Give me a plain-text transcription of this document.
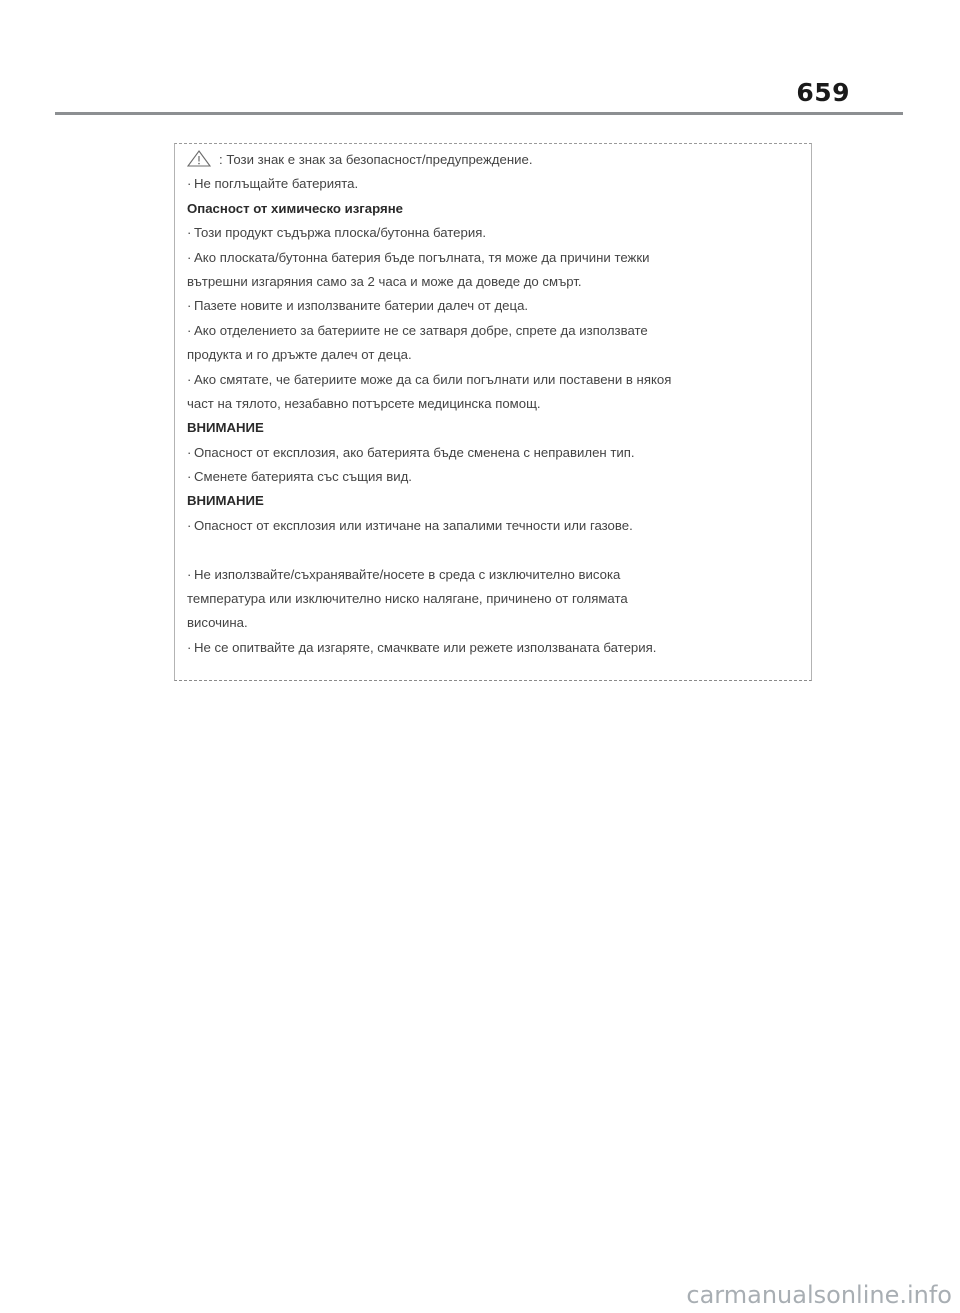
659
: Този знак е знак за безопасност/предупреждение.
· Не поглъщайте батерията.
Опасност от химическо изгаряне
· Този продукт съдържа плоска/бутонна батерия.
· Ако плоската/бутонна батерия бъде погълната, тя може да причини тежки
вътрешни изгаряния само за 2 часа и може да доведе до смърт.
· Пазете новите и използваните батерии далеч от деца.
· Ако отделението за батериите не се затваря добре, спрете да използвате
продукта и го дръжте далеч от деца.
· Ако смятате, че батериите може да са били погълнати или поставени в някоя
част на тялото, незабавно потърсете медицинска помощ.
ВНИМАНИЕ
· Опасност от експлозия, ако батерията бъде сменена с неправилен тип.
· Сменете батерията със същия вид.
ВНИМАНИЕ
· Опасност от експлозия или изтичане на запалими течности или газове.
· Не използвайте/съхранявайте/носете в среда с изключително висока
температура или изключително ниско налягане, причинено от голямата
височина.
· Не се опитвайте да изгаряте, смачквате или режете използваната батерия.
carmanualsonline.info
